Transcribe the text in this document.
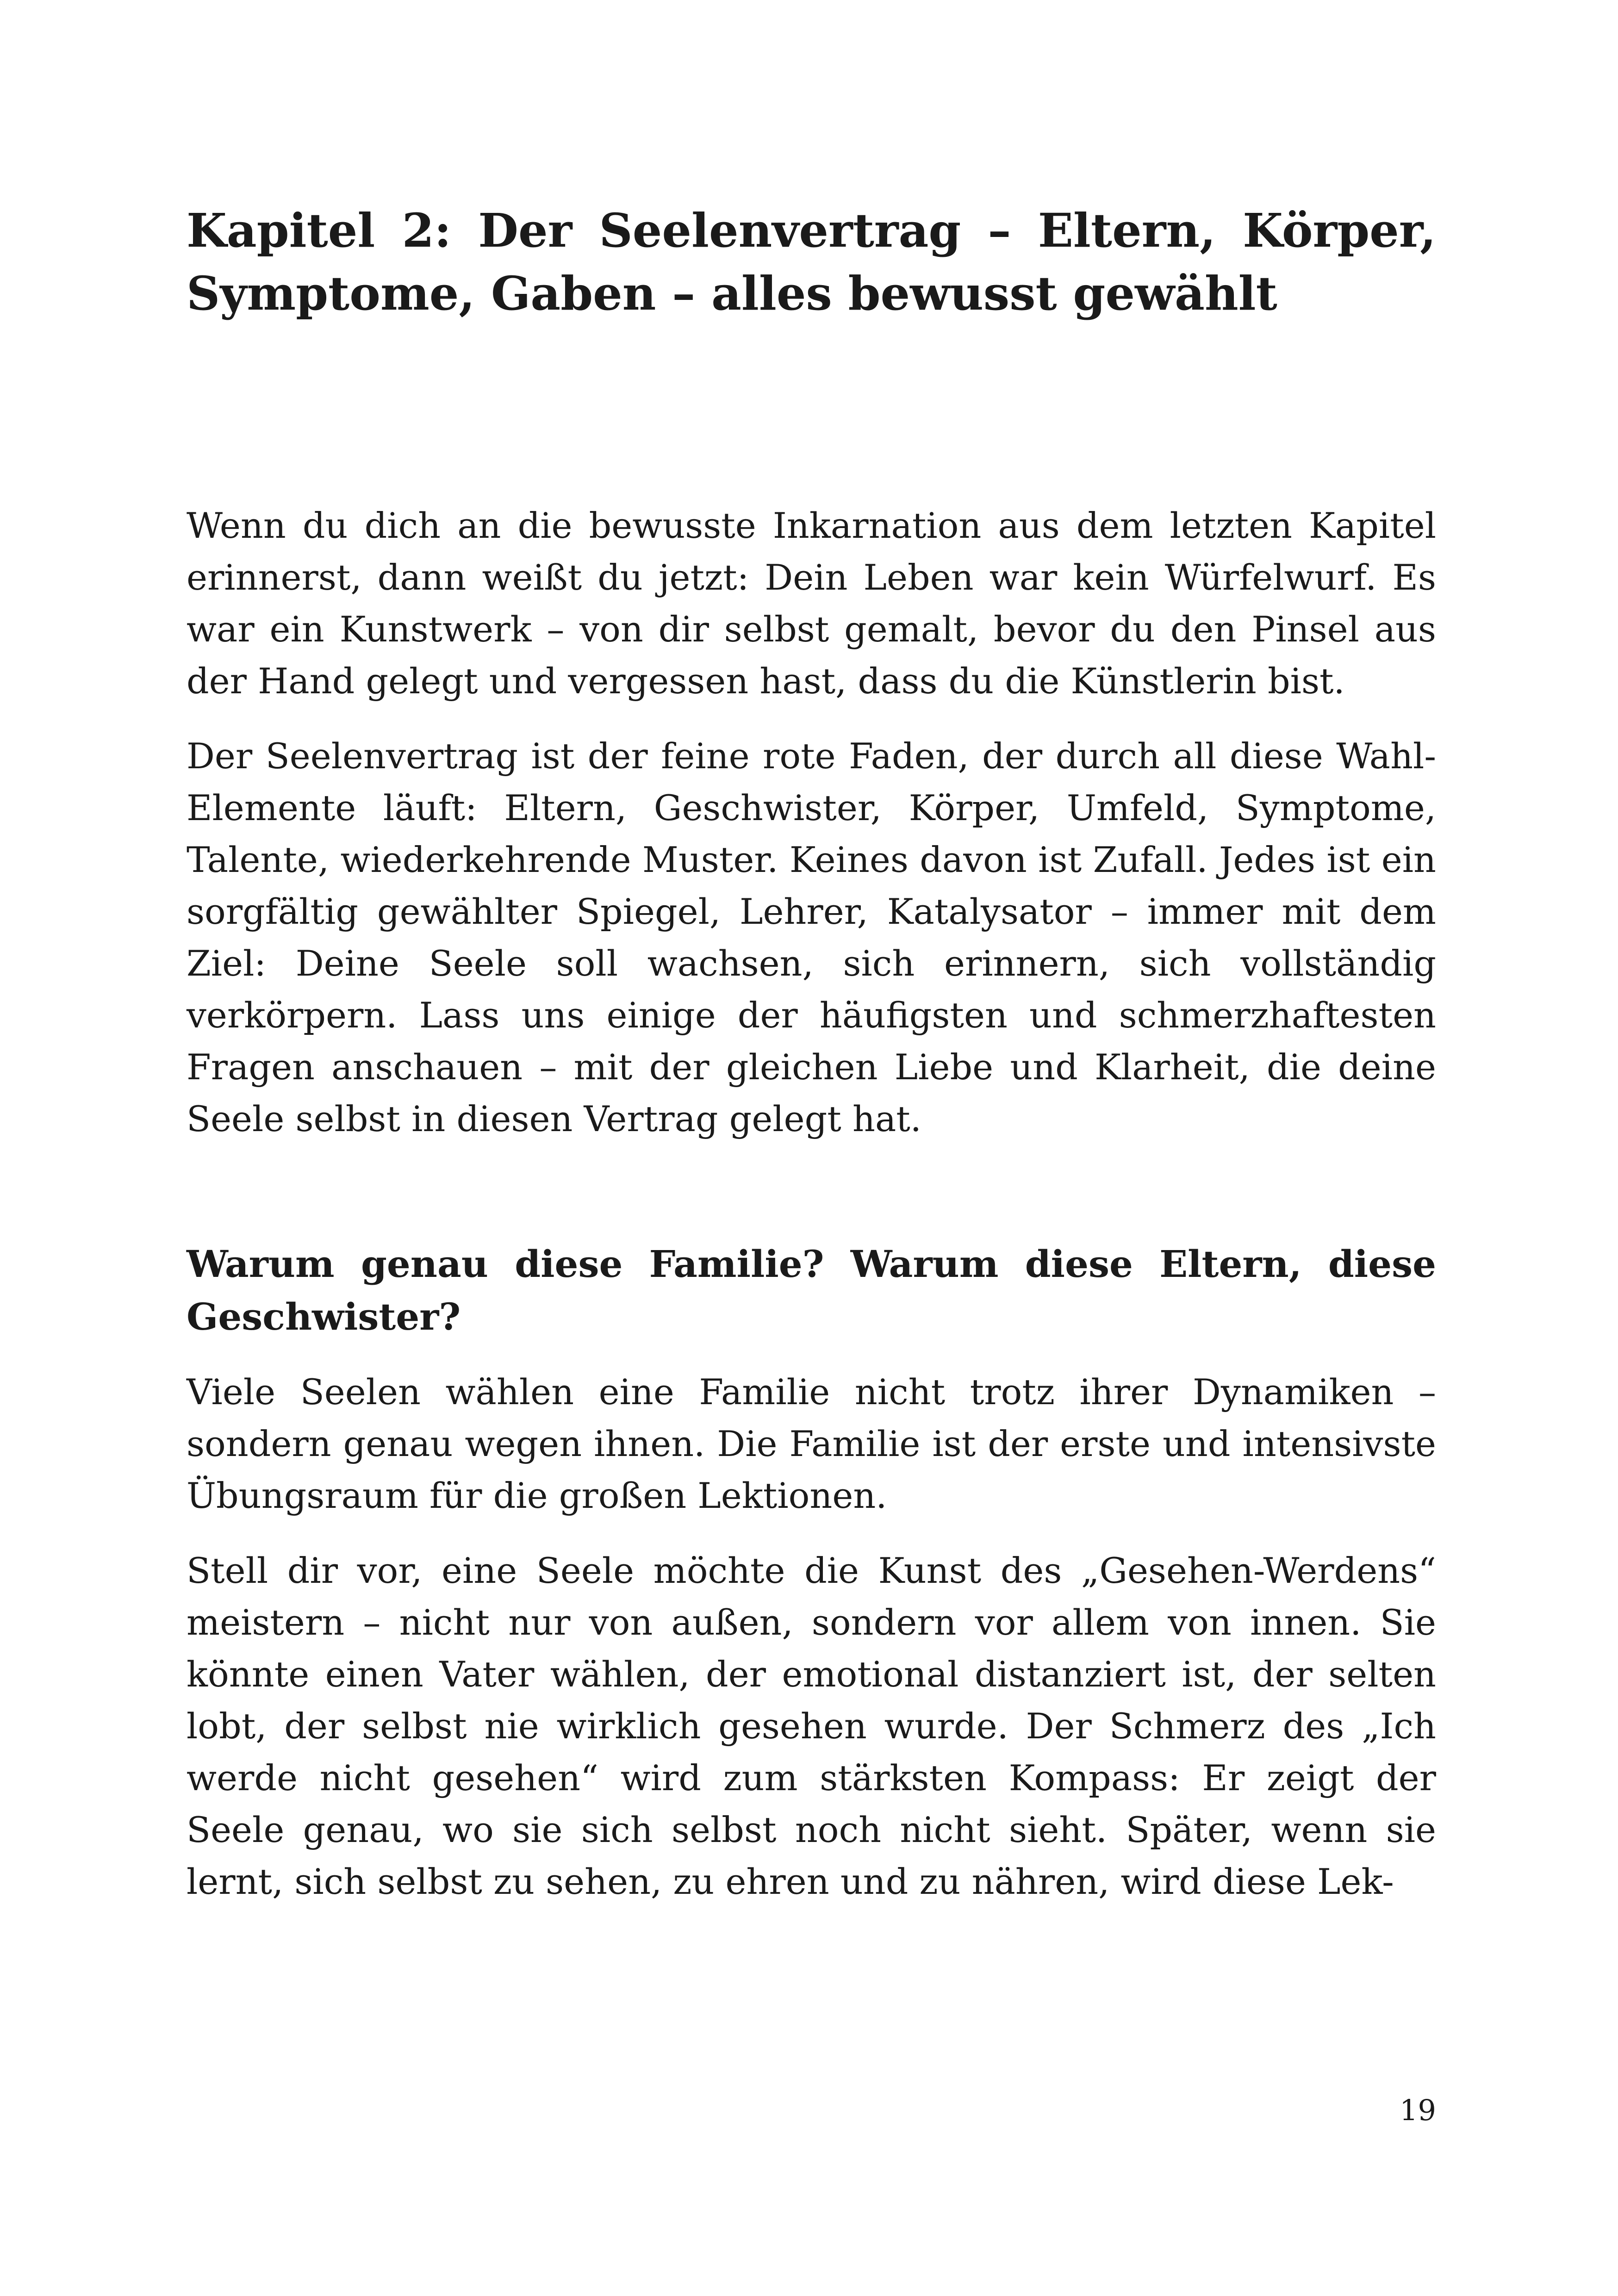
Kapitel 2: Der Seelenvertrag – Eltern, Körper, Symptome, Gaben – alles bewusst gewählt

Wenn du dich an die bewusste Inkarnation aus dem letzten Kapitel erinnerst, dann weißt du jetzt: Dein Leben war kein Würfelwurf. Es war ein Kunstwerk – von dir selbst gemalt, bevor du den Pinsel aus der Hand gelegt und vergessen hast, dass du die Künstlerin bist.

Der Seelenvertrag ist der feine rote Faden, der durch all diese Wahl-Elemente läuft: Eltern, Geschwister, Körper, Umfeld, Symptome, Talente, wiederkehrende Muster. Keines davon ist Zufall. Jedes ist ein sorgfältig gewählter Spiegel, Lehrer, Katalysator – immer mit dem Ziel: Deine Seele soll wachsen, sich erinnern, sich vollständig verkörpern. Lass uns einige der häufigsten und schmerzhaftesten Fragen anschauen – mit der gleichen Liebe und Klarheit, die deine Seele selbst in diesen Vertrag gelegt hat.

Warum genau diese Familie? Warum diese Eltern, diese Geschwister?

Viele Seelen wählen eine Familie nicht trotz ihrer Dynamiken – sondern genau wegen ihnen. Die Familie ist der erste und intensivste Übungsraum für die großen Lektionen.

Stell dir vor, eine Seele möchte die Kunst des „Gesehen-Werdens“ meistern – nicht nur von außen, sondern vor allem von innen. Sie könnte einen Vater wählen, der emotional distanziert ist, der selten lobt, der selbst nie wirklich gesehen wurde. Der Schmerz des „Ich werde nicht gesehen“ wird zum stärksten Kompass: Er zeigt der Seele genau, wo sie sich selbst noch nicht sieht. Später, wenn sie lernt, sich selbst zu sehen, zu ehren und zu nähren, wird diese Lek-

19
